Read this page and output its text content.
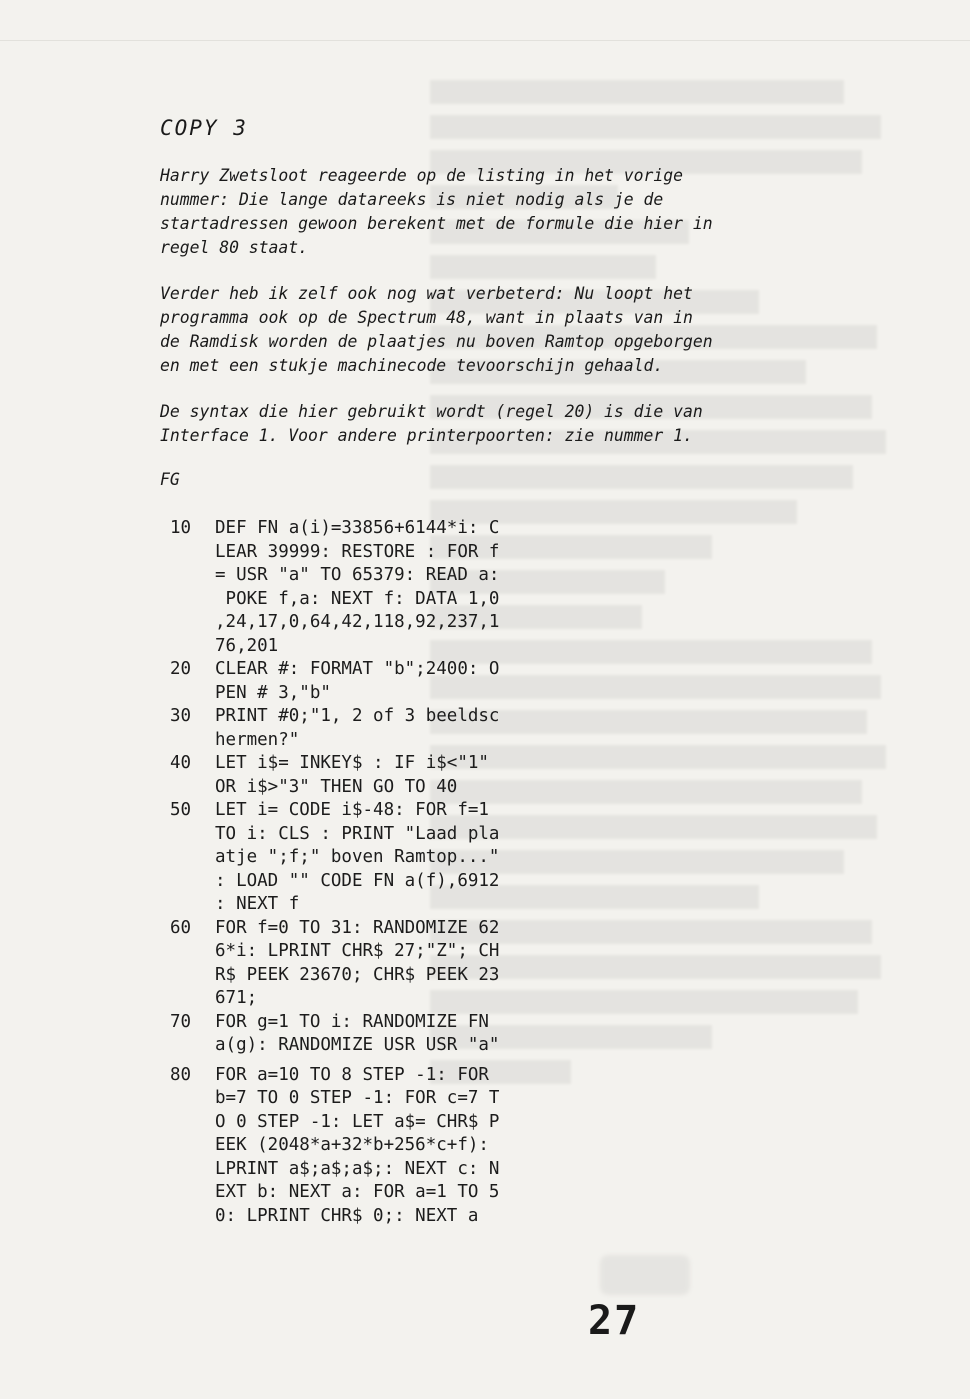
COPY 3
Harry Zwetsloot reageerde op de listing in het vorige
nummer: Die lange datareeks is niet nodig als je de
startadressen gewoon berekent met de formule die hier in
regel 80 staat.
Verder heb ik zelf ook nog wat verbeterd: Nu loopt het
programma ook op de Spectrum 48, want in plaats van in
de Ramdisk worden de plaatjes nu boven Ramtop opgeborgen
en met een stukje machinecode tevoorschijn gehaald.
De syntax die hier gebruikt wordt (regel 20) is die van
Interface 1. Voor andere printerpoorten: zie nummer 1.
FG
10	DEF FN a(i)=33856+6144*i: C
LEAR 39999: RESTORE : FOR f
= USR "a" TO 65379: READ a:
POKE f,a: NEXT f: DATA 1,0
,24,17,0,64,42,118,92,237,1
76,201
20	CLEAR #: FORMAT "b";2400: O
PEN # 3,"b"
30	PRINT #0;"1, 2 of 3 beeldsc
hermen?"
40	LET i$= INKEY$ : IF i$<"1"
OR i$>"3" THEN GO TO 40
50	LET i= CODE i$-48: FOR f=1
TO i: CLS : PRINT "Laad pla
atje ";f;" boven Ramtop..."
: LOAD "" CODE FN a(f),6912
: NEXT f
60	FOR f=0 TO 31: RANDOMIZE 62
6*i: LPRINT CHR$ 27;"Z"; CH
R$ PEEK 23670; CHR$ PEEK 23
671;
70	FOR g=1 TO i: RANDOMIZE FN
a(g): RANDOMIZE USR USR "a"
80	FOR a=10 TO 8 STEP -1: FOR
b=7 TO 0 STEP -1: FOR c=7 T
O 0 STEP -1: LET a$= CHR$ P
EEK (2048*a+32*b+256*c+f):
LPRINT a$;a$;a$;: NEXT c: N
EXT b: NEXT a: FOR a=1 TO 5
0: LPRINT CHR$ 0;: NEXT a
27
